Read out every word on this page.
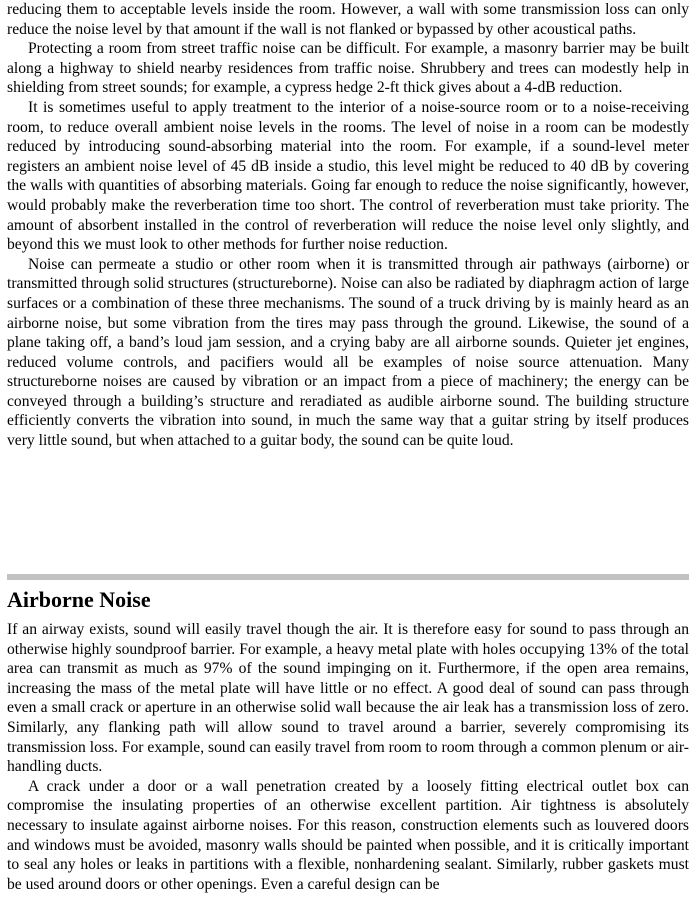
reducing them to acceptable levels inside the room. However, a wall with some transmission loss can only reduce the noise level by that amount if the wall is not flanked or bypassed by other acoustical paths.

Protecting a room from street traffic noise can be difficult. For example, a masonry barrier may be built along a highway to shield nearby residences from traffic noise. Shrubbery and trees can modestly help in shielding from street sounds; for example, a cypress hedge 2-ft thick gives about a 4-dB reduction.

It is sometimes useful to apply treatment to the interior of a noise-source room or to a noise-receiving room, to reduce overall ambient noise levels in the rooms. The level of noise in a room can be modestly reduced by introducing sound-absorbing material into the room. For example, if a sound-level meter registers an ambient noise level of 45 dB inside a studio, this level might be reduced to 40 dB by covering the walls with quantities of absorbing materials. Going far enough to reduce the noise significantly, however, would probably make the reverberation time too short. The control of reverberation must take priority. The amount of absorbent installed in the control of reverberation will reduce the noise level only slightly, and beyond this we must look to other methods for further noise reduction.

Noise can permeate a studio or other room when it is transmitted through air pathways (airborne) or transmitted through solid structures (structureborne). Noise can also be radiated by diaphragm action of large surfaces or a combination of these three mechanisms. The sound of a truck driving by is mainly heard as an airborne noise, but some vibration from the tires may pass through the ground. Likewise, the sound of a plane taking off, a band’s loud jam session, and a crying baby are all airborne sounds. Quieter jet engines, reduced volume controls, and pacifiers would all be examples of noise source attenuation. Many structureborne noises are caused by vibration or an impact from a piece of machinery; the energy can be conveyed through a building’s structure and reradiated as audible airborne sound. The building structure efficiently converts the vibration into sound, in much the same way that a guitar string by itself produces very little sound, but when attached to a guitar body, the sound can be quite loud.

Airborne Noise

If an airway exists, sound will easily travel though the air. It is therefore easy for sound to pass through an otherwise highly soundproof barrier. For example, a heavy metal plate with holes occupying 13% of the total area can transmit as much as 97% of the sound impinging on it. Furthermore, if the open area remains, increasing the mass of the metal plate will have little or no effect. A good deal of sound can pass through even a small crack or aperture in an otherwise solid wall because the air leak has a transmission loss of zero. Similarly, any flanking path will allow sound to travel around a barrier, severely compromising its transmission loss. For example, sound can easily travel from room to room through a common plenum or air-handling ducts.

A crack under a door or a wall penetration created by a loosely fitting electrical outlet box can compromise the insulating properties of an otherwise excellent partition. Air tightness is absolutely necessary to insulate against airborne noises. For this reason, construction elements such as louvered doors and windows must be avoided, masonry walls should be painted when possible, and it is critically important to seal any holes or leaks in partitions with a flexible, nonhardening sealant. Similarly, rubber gaskets must be used around doors or other openings. Even a careful design can be
